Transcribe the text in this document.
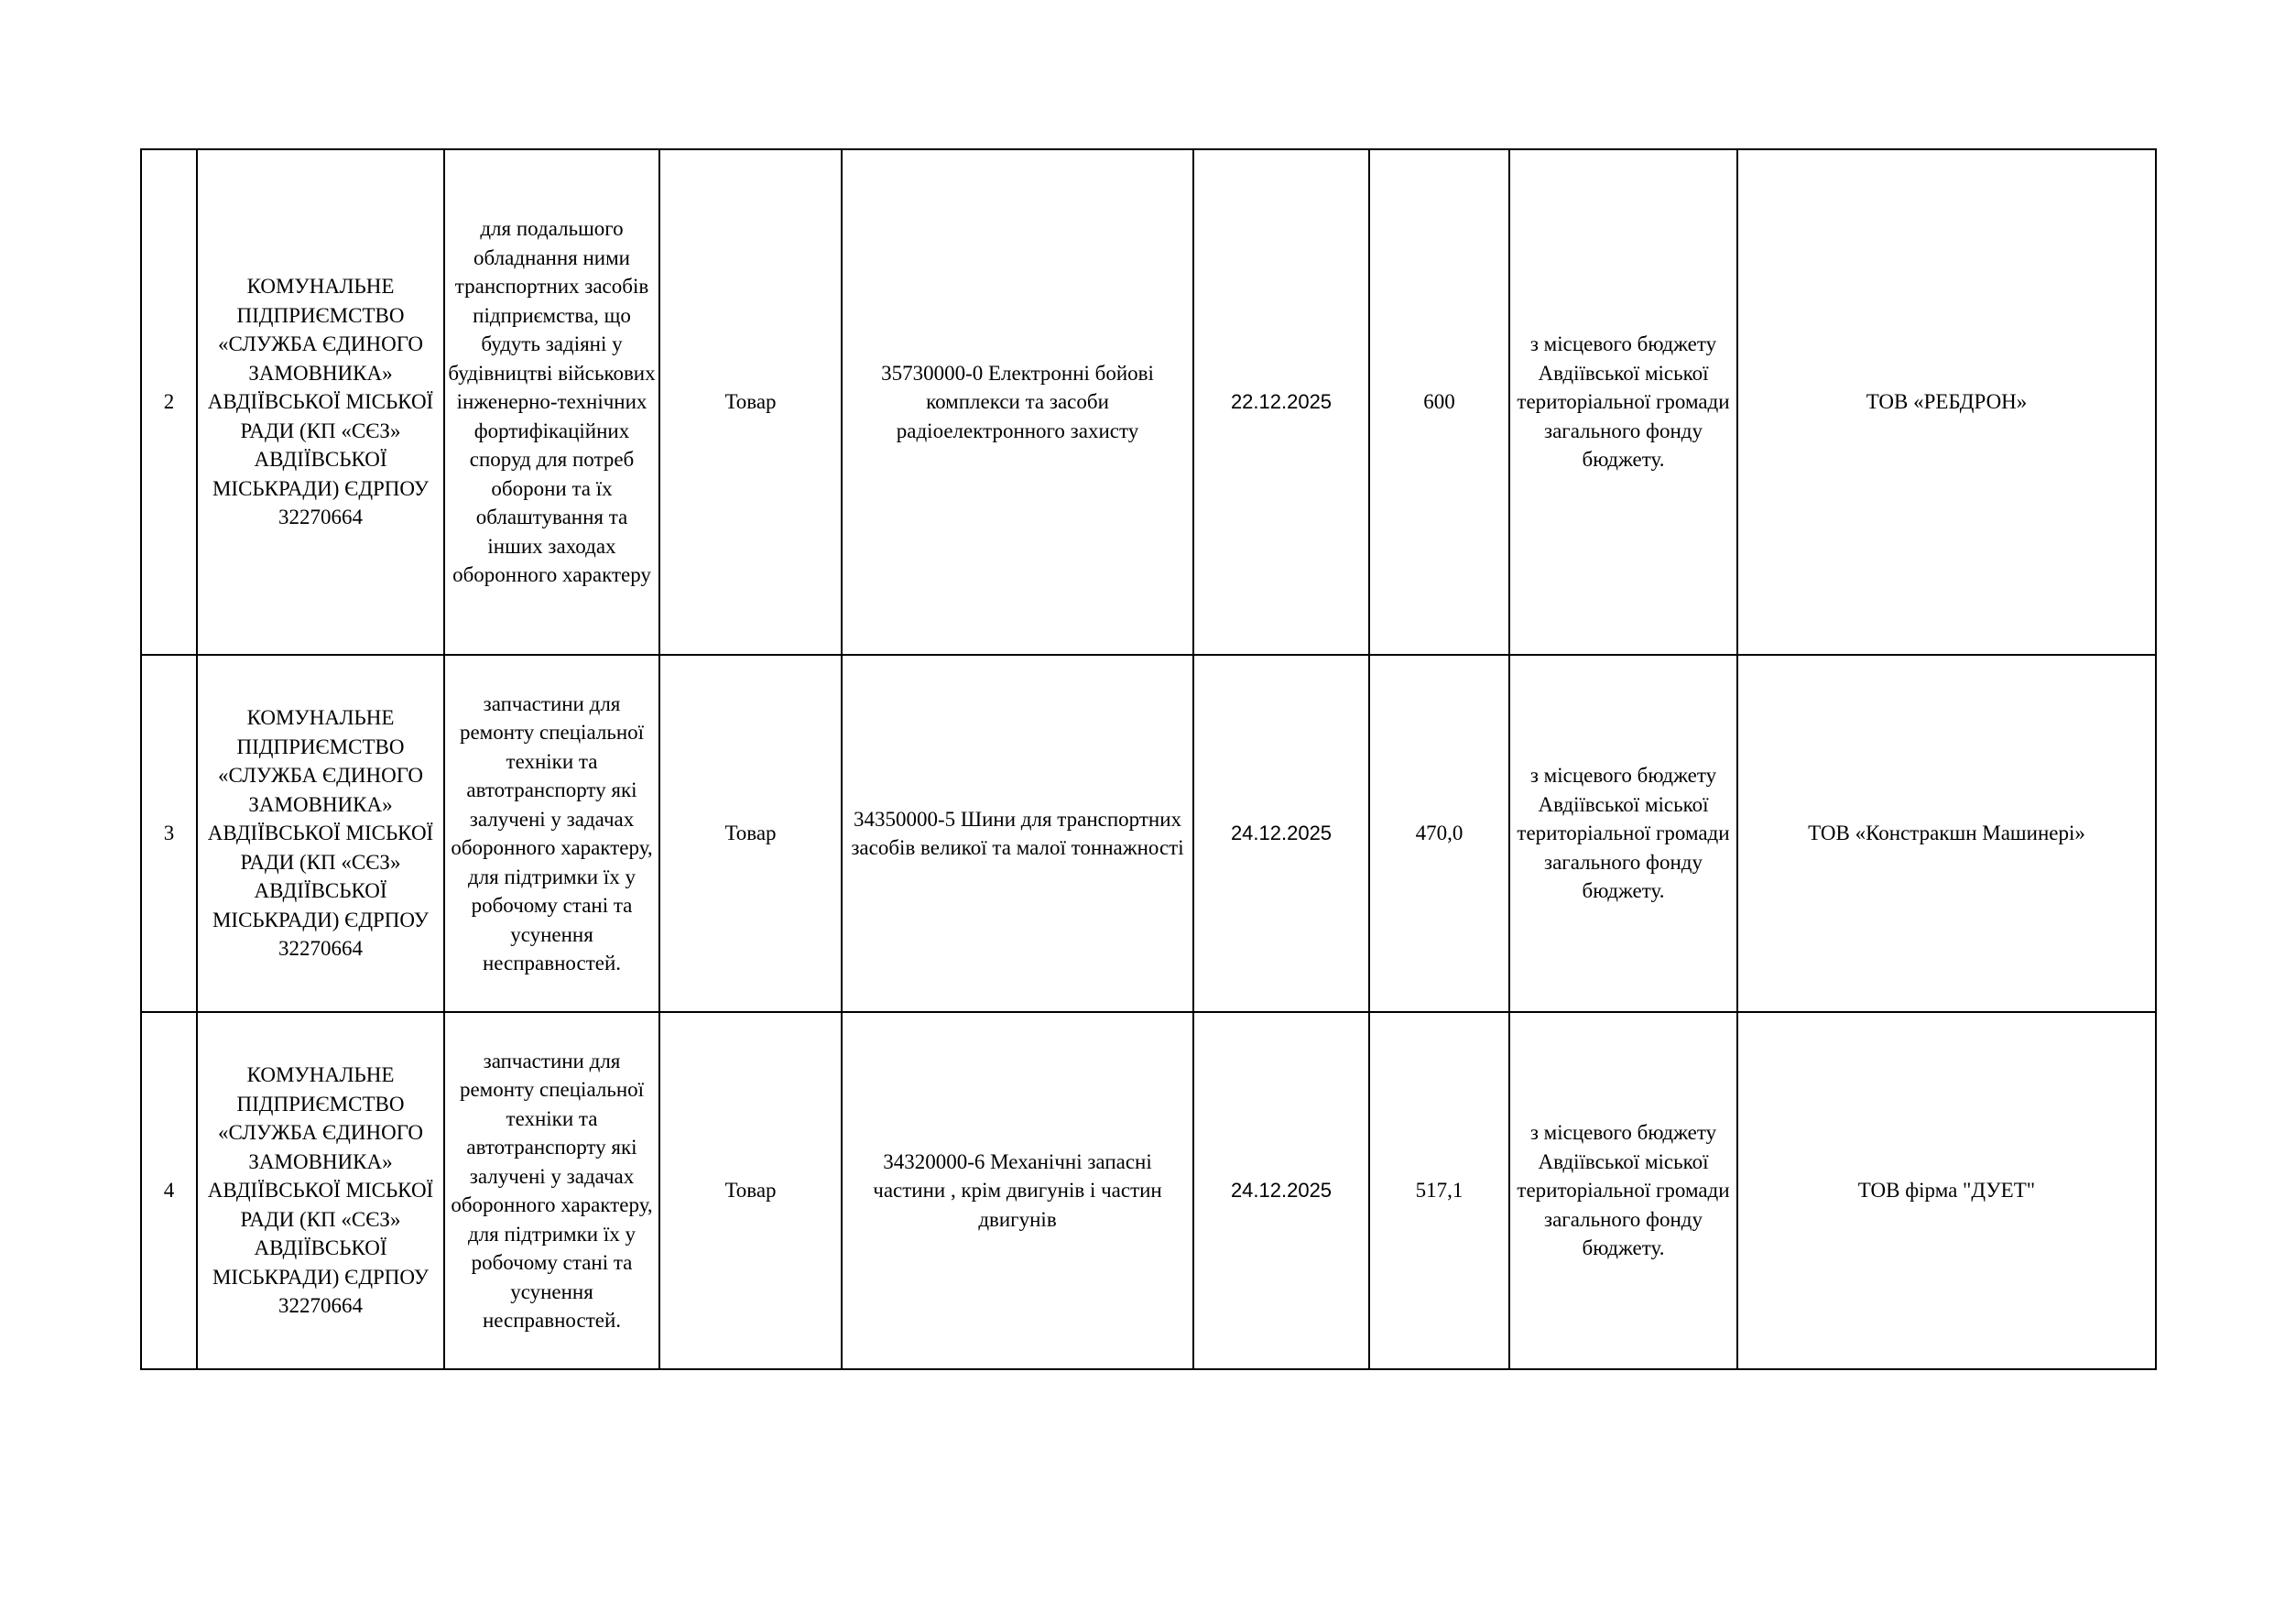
2	КОМУНАЛЬНЕ ПІДПРИЄМСТВО «СЛУЖБА ЄДИНОГО ЗАМОВНИКА» АВДІЇВСЬКОЇ МІСЬКОЇ РАДИ (КП «СЄЗ» АВДІЇВСЬКОЇ МІСЬКРАДИ) ЄДРПОУ 32270664	для подальшого обладнання ними транспортних засобів підприємства, що будуть задіяні у будівництві військових інженерно-технічних фортифікаційних споруд для потреб оборони та їх облаштування та інших заходах оборонного характеру	Товар	35730000-0 Електронні бойові комплекси та засоби радіоелектронного захисту	22.12.2025	600	з місцевого бюджету Авдіївської міської територіальної громади загального фонду бюджету.	ТОВ «РЕБДРОН»
3	КОМУНАЛЬНЕ ПІДПРИЄМСТВО «СЛУЖБА ЄДИНОГО ЗАМОВНИКА» АВДІЇВСЬКОЇ МІСЬКОЇ РАДИ (КП «СЄЗ» АВДІЇВСЬКОЇ МІСЬКРАДИ) ЄДРПОУ 32270664	запчастини для ремонту спеціальної техніки та автотранспорту які залучені у задачах оборонного характеру, для підтримки їх у робочому стані та усунення несправностей.	Товар	34350000-5 Шини для транспортних засобів великої та малої тоннажності	24.12.2025	470,0	з місцевого бюджету Авдіївської міської територіальної громади загального фонду бюджету.	ТОВ «Констракшн Машинері»
4	КОМУНАЛЬНЕ ПІДПРИЄМСТВО «СЛУЖБА ЄДИНОГО ЗАМОВНИКА» АВДІЇВСЬКОЇ МІСЬКОЇ РАДИ (КП «СЄЗ» АВДІЇВСЬКОЇ МІСЬКРАДИ) ЄДРПОУ 32270664	запчастини для ремонту спеціальної техніки та автотранспорту які залучені у задачах оборонного характеру, для підтримки їх у робочому стані та усунення несправностей.	Товар	34320000-6 Механічні запасні частини , крім двигунів і частин двигунів	24.12.2025	517,1	з місцевого бюджету Авдіївської міської територіальної громади загального фонду бюджету.	ТОВ фірма "ДУЕТ"
